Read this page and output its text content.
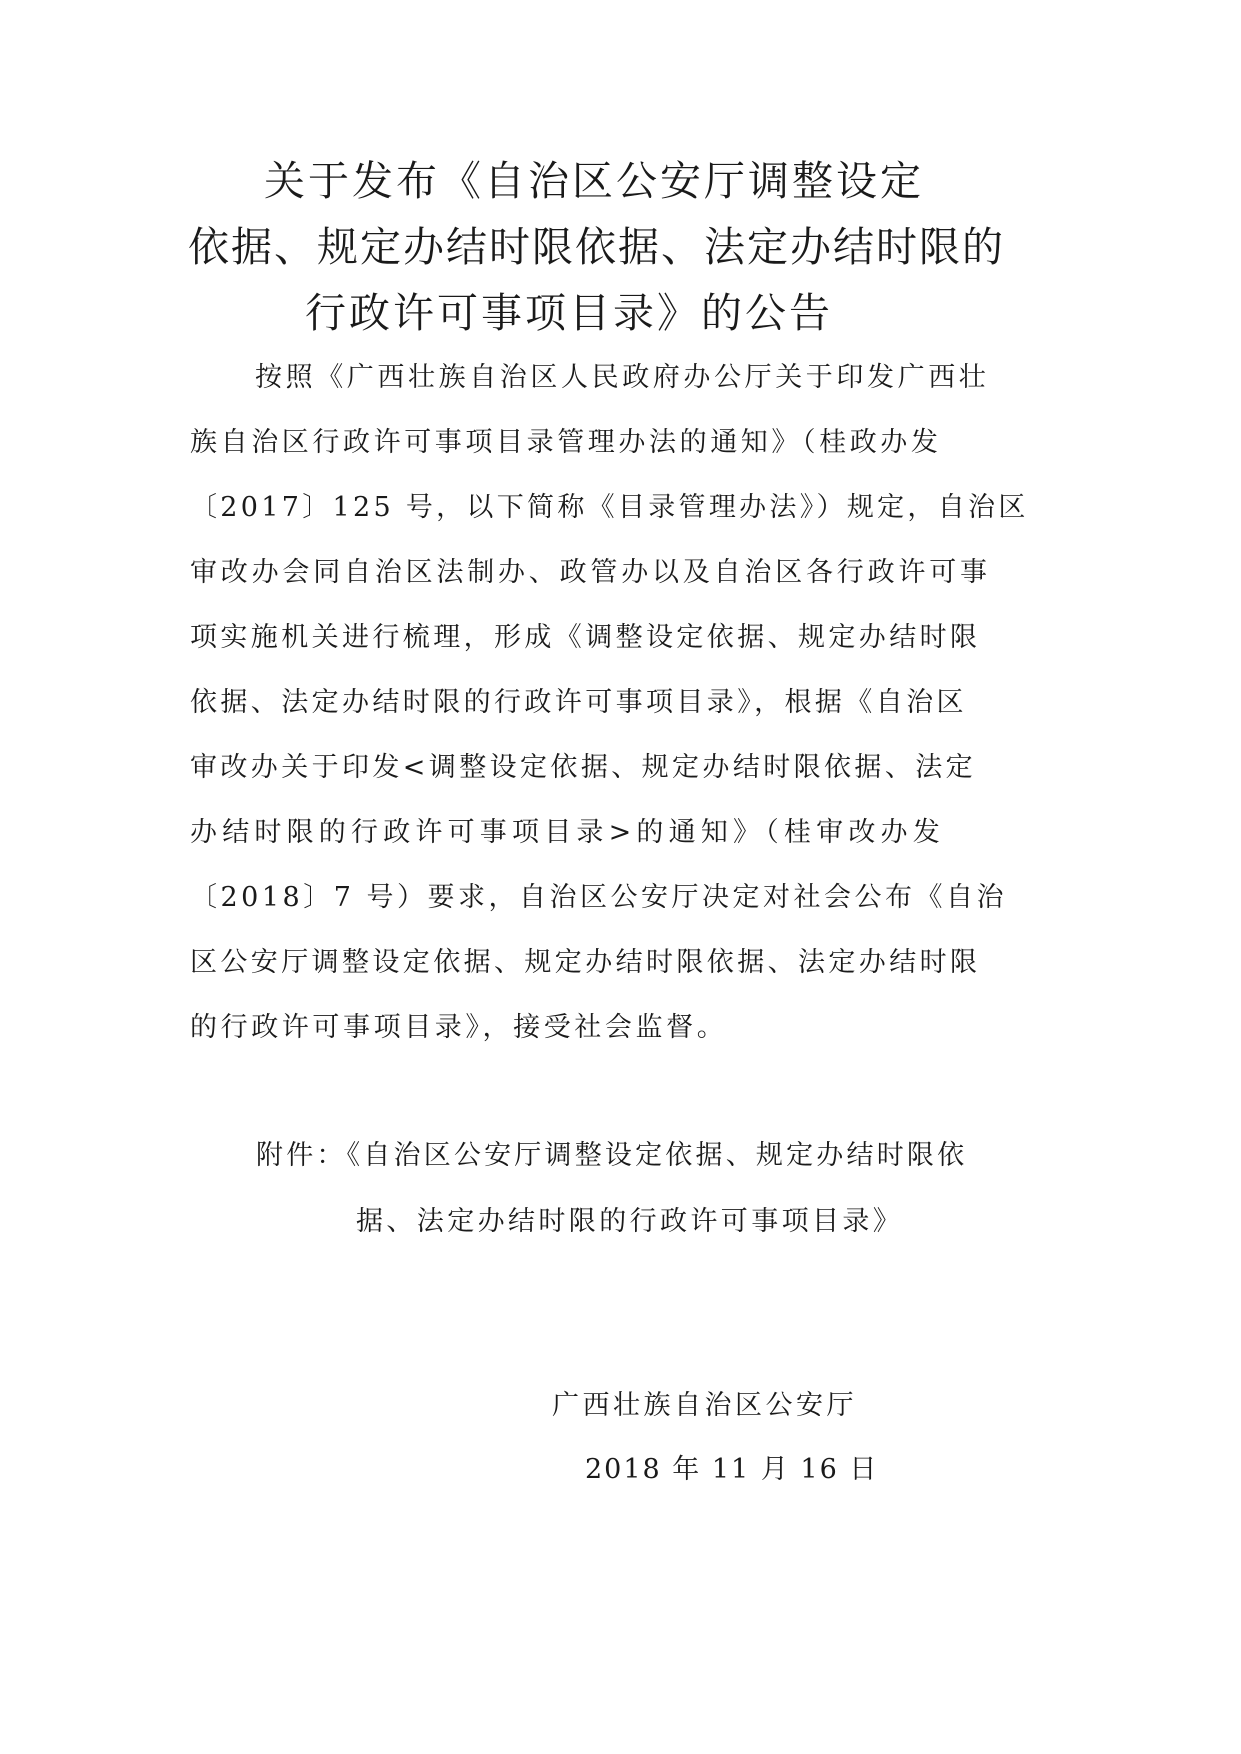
关于发布《自治区公安厅调整设定
依据、规定办结时限依据、法定办结时限的
行政许可事项目录》的公告
按照《广西壮族自治区人民政府办公厅关于印发广西壮
族自治区行政许可事项目录管理办法的通知》（桂政办发
〔2017〕125 号，以下简称《目录管理办法》）规定，自治区
审改办会同自治区法制办、政管办以及自治区各行政许可事
项实施机关进行梳理，形成《调整设定依据、规定办结时限
依据、法定办结时限的行政许可事项目录》，根据《自治区
审改办关于印发<调整设定依据、规定办结时限依据、法定
办结时限的行政许可事项目录>的通知》（桂审改办发
〔2018〕7 号）要求，自治区公安厅决定对社会公布《自治
区公安厅调整设定依据、规定办结时限依据、法定办结时限
的行政许可事项目录》，接受社会监督。
附件：《自治区公安厅调整设定依据、规定办结时限依
据、法定办结时限的行政许可事项目录》
广西壮族自治区公安厅
2018 年 11 月 16 日
